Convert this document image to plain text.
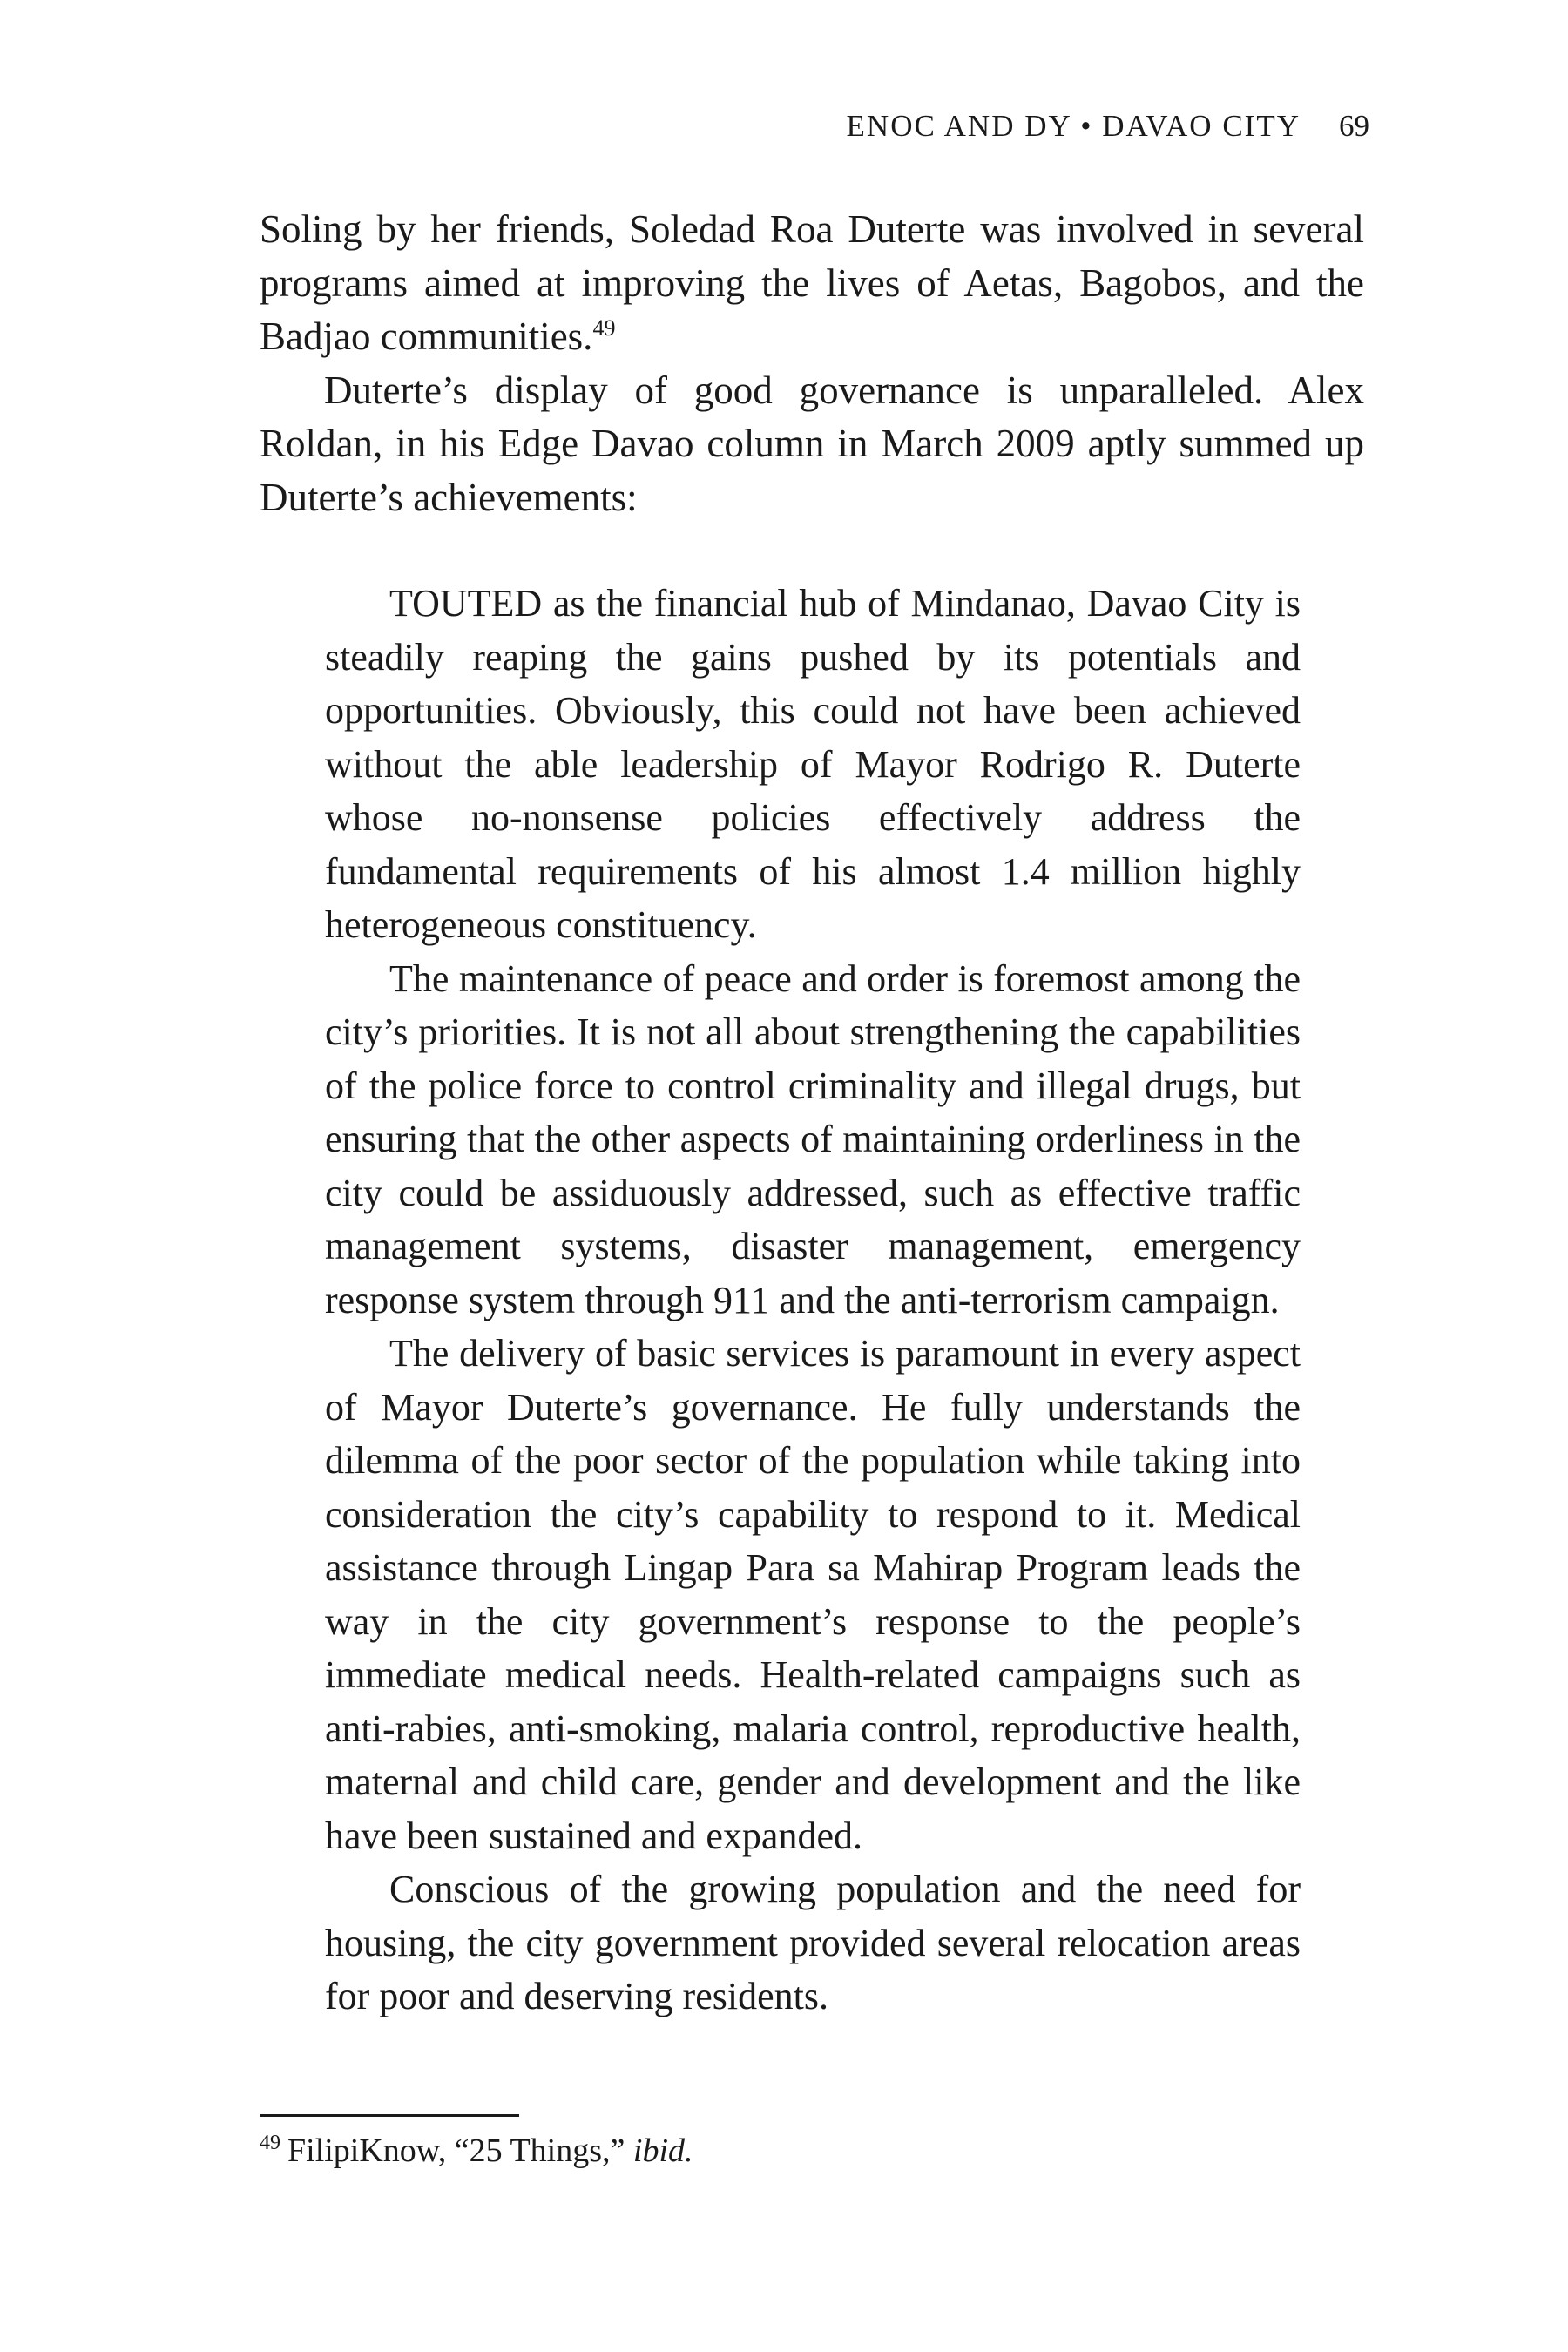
ENOC AND DY • DAVAO CITY 69

Soling by her friends, Soledad Roa Duterte was involved in several programs aimed at improving the lives of Aetas, Bagobos, and the Badjao communities.$^{49}$

Duterte’s display of good governance is unparalleled. Alex Roldan, in his Edge Davao column in March 2009 aptly summed up Duterte’s achievements:

TOUTED as the financial hub of Mindanao, Davao City is steadily reaping the gains pushed by its potentials and opportunities. Obviously, this could not have been achieved without the able leadership of Mayor Rodrigo R. Duterte whose no-nonsense policies effectively address the fundamental requirements of his almost 1.4 million highly heterogeneous constituency.

The maintenance of peace and order is foremost among the city’s priorities. It is not all about strengthening the capabilities of the police force to control criminality and illegal drugs, but ensuring that the other aspects of maintaining orderliness in the city could be assiduously addressed, such as effective traffic management systems, disaster management, emergency response system through 911 and the anti-terrorism campaign.

The delivery of basic services is paramount in every aspect of Mayor Duterte’s governance. He fully understands the dilemma of the poor sector of the population while taking into consideration the city’s capability to respond to it. Medical assistance through Lingap Para sa Mahirap Program leads the way in the city government’s response to the people’s immediate medical needs. Health-related campaigns such as anti-rabies, anti-smoking, malaria control, reproductive health, maternal and child care, gender and development and the like have been sustained and expanded.

Conscious of the growing population and the need for housing, the city government provided several relocation areas for poor and deserving residents.

$^{49}$ FilipiKnow, “25 Things,” ibid.
